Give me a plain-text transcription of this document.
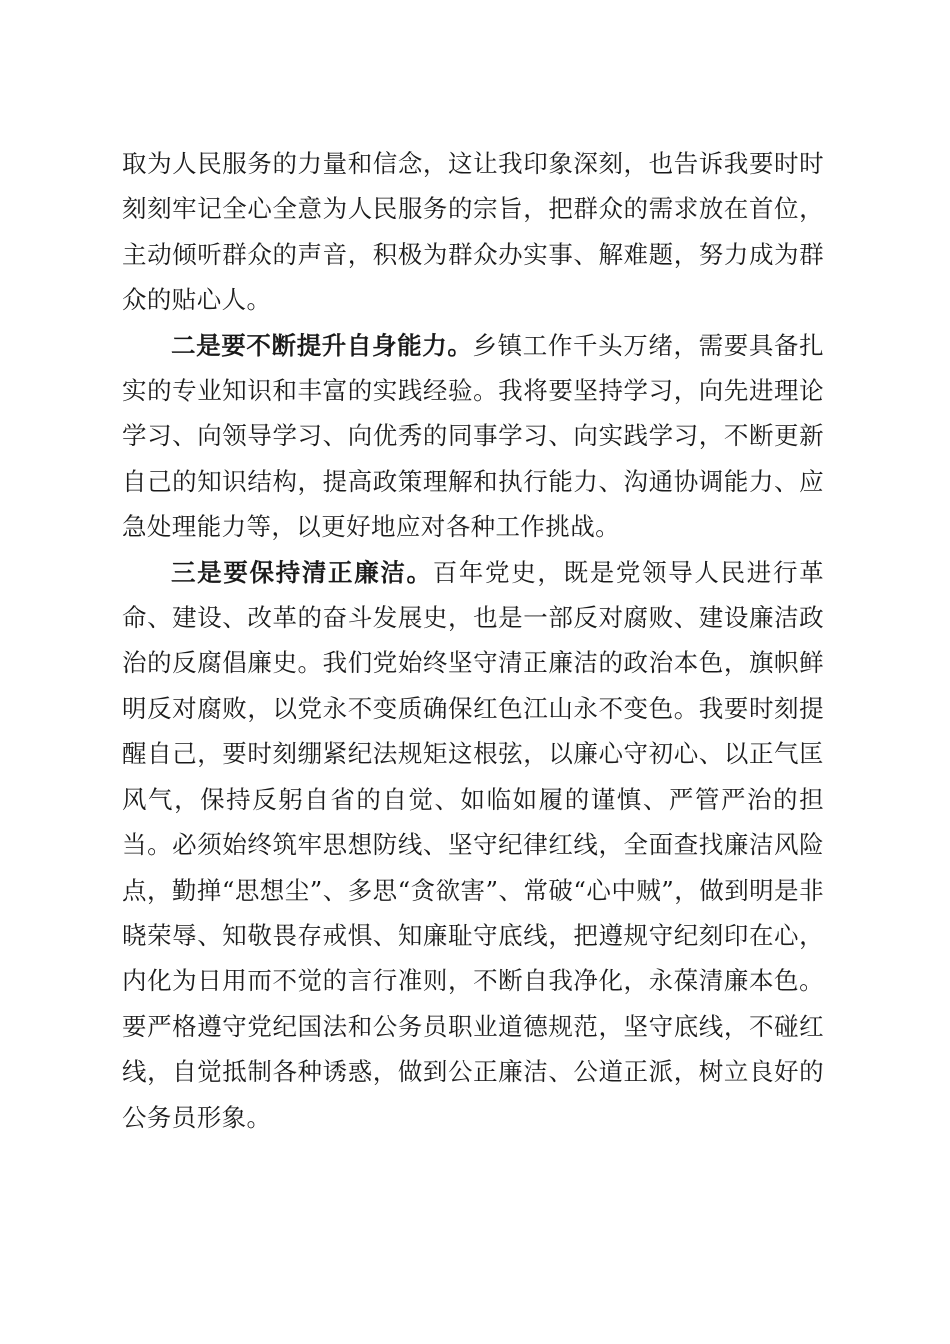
取为人民服务的力量和信念，这让我印象深刻，也告诉我要时时刻刻牢记全心全意为人民服务的宗旨，把群众的需求放在首位，主动倾听群众的声音，积极为群众办实事、解难题，努力成为群众的贴心人。

二是要不断提升自身能力。乡镇工作千头万绪，需要具备扎实的专业知识和丰富的实践经验。我将要坚持学习，向先进理论学习、向领导学习、向优秀的同事学习、向实践学习，不断更新自己的知识结构，提高政策理解和执行能力、沟通协调能力、应急处理能力等，以更好地应对各种工作挑战。

三是要保持清正廉洁。百年党史，既是党领导人民进行革命、建设、改革的奋斗发展史，也是一部反对腐败、建设廉洁政治的反腐倡廉史。我们党始终坚守清正廉洁的政治本色，旗帜鲜明反对腐败，以党永不变质确保红色江山永不变色。我要时刻提醒自己，要时刻绷紧纪法规矩这根弦，以廉心守初心、以正气匡风气，保持反躬自省的自觉、如临如履的谨慎、严管严治的担当。必须始终筑牢思想防线、坚守纪律红线，全面查找廉洁风险点，勤掸“思想尘”、多思“贪欲害”、常破“心中贼”，做到明是非晓荣辱、知敬畏存戒惧、知廉耻守底线，把遵规守纪刻印在心，内化为日用而不觉的言行准则，不断自我净化，永葆清廉本色。要严格遵守党纪国法和公务员职业道德规范，坚守底线，不碰红线，自觉抵制各种诱惑，做到公正廉洁、公道正派，树立良好的公务员形象。
